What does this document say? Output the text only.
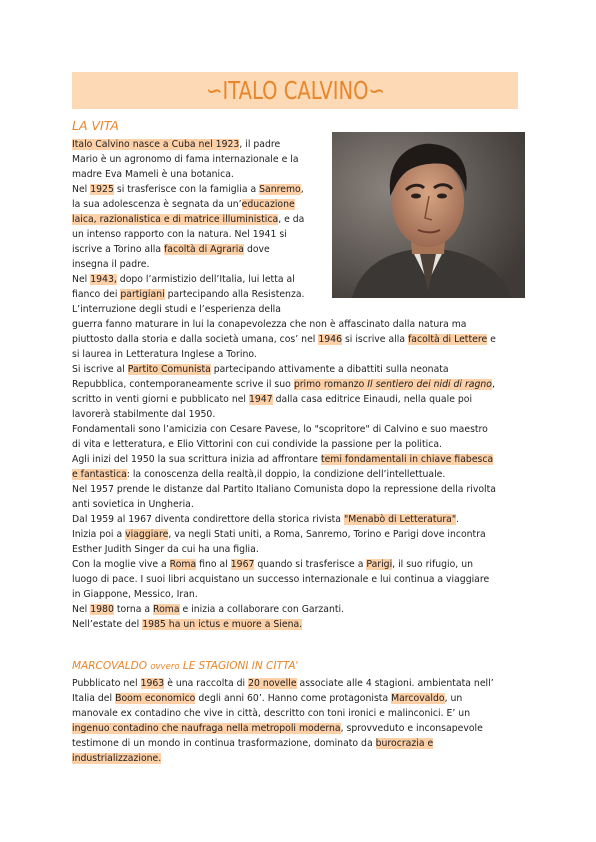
∽ITALO CALVINO∽
LA VITA
Italo Calvino nasce a Cuba nel 1923, il padre
Mario è un agronomo di fama internazionale e la
madre Eva Mameli è una botanica.
Nel 1925 si trasferisce con la famiglia a Sanremo,
la sua adolescenza è segnata da un’educazione
laica, razionalistica e di matrice illuministica, e da
un intenso rapporto con la natura. Nel 1941 si
iscrive a Torino alla facoltà di Agraria dove
insegna il padre.
Nel 1943, dopo l’armistizio dell’Italia, lui letta al
fianco dei partigiani partecipando alla Resistenza.
L’interruzione degli studi e l’esperienza della
guerra fanno maturare in lui la conapevolezza che non è affascinato dalla natura ma
piuttosto dalla storia e dalla società umana, cos’ nel 1946 si iscrive alla facoltà di Lettere e
si laurea in Letteratura Inglese a Torino.
Si iscrive al Partito Comunista partecipando attivamente a dibattiti sulla neonata
Repubblica, contemporaneamente scrive il suo primo romanzo Il sentiero dei nidi di ragno,
scritto in venti giorni e pubblicato nel 1947 dalla casa editrice Einaudi, nella quale poi
lavorerà stabilmente dal 1950.
Fondamentali sono l’amicizia con Cesare Pavese, lo "scopritore" di Calvino e suo maestro
di vita e letteratura, e Elio Vittorini con cui condivide la passione per la politica.
Agli inizi del 1950 la sua scrittura inizia ad affrontare temi fondamentali in chiave fiabesca
e fantastica: la conoscenza della realtà,il doppio, la condizione dell’intellettuale.
Nel 1957 prende le distanze dal Partito Italiano Comunista dopo la repressione della rivolta
anti sovietica in Ungheria.
Dal 1959 al 1967 diventa condirettore della storica rivista "Menabò di Letteratura".
Inizia poi a viaggiare, va negli Stati uniti, a Roma, Sanremo, Torino e Parigi dove incontra
Esther Judith Singer da cui ha una figlia.
Con la moglie vive a Roma fino al 1967 quando si trasferisce a Parigi, il suo rifugio, un
luogo di pace. I suoi libri acquistano un successo internazionale e lui continua a viaggiare
in Giappone, Messico, Iran.
Nel 1980 torna a Roma e inizia a collaborare con Garzanti.
Nell’estate del 1985 ha un ictus e muore a Siena.
MARCOVALDO ovvero LE STAGIONI IN CITTA'
Pubblicato nel 1963 è una raccolta di 20 novelle associate alle 4 stagioni. ambientata nell’
Italia del Boom economico degli anni 60’. Hanno come protagonista Marcovaldo, un
manovale ex contadino che vive in città, descritto con toni ironici e malinconici. E’ un
ingenuo contadino che naufraga nella metropoli moderna, sprovveduto e inconsapevole
testimone di un mondo in continua trasformazione, dominato da burocrazia e
industrializzazione.
